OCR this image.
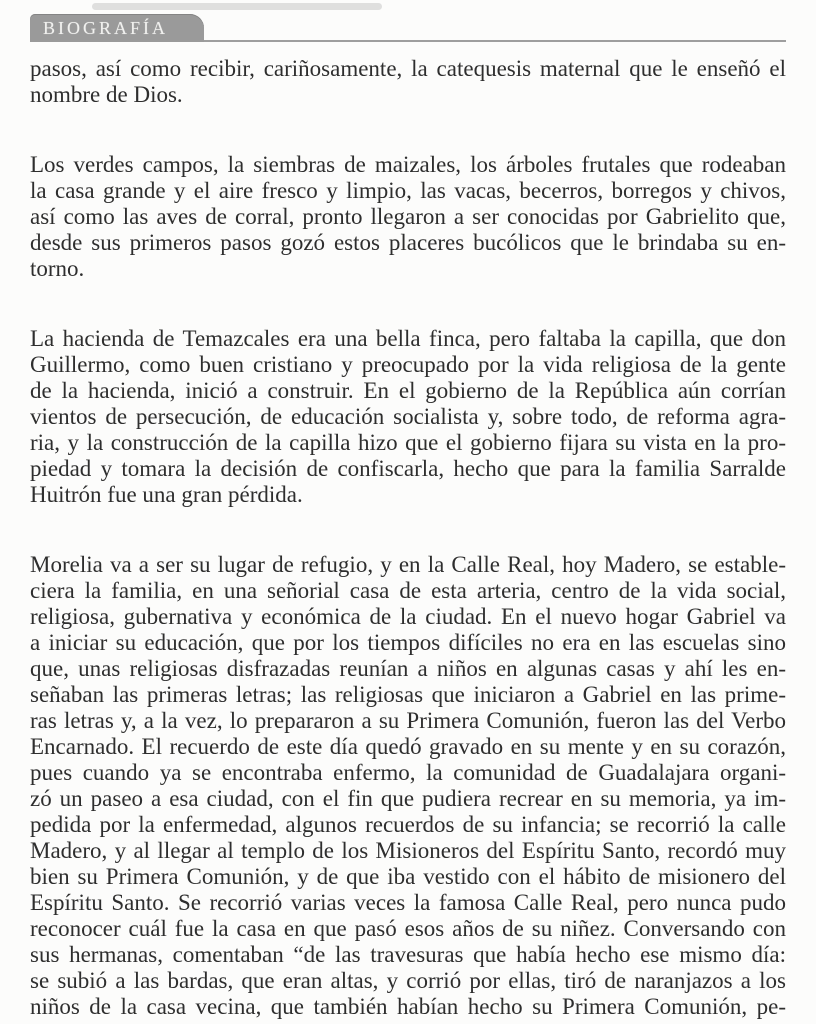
BIOGRAFÍA
pasos, así como recibir, cariñosamente, la catequesis maternal que le enseñó el
nombre de Dios.
Los verdes campos, la siembras de maizales, los árboles frutales que rodeaban
la casa grande y el aire fresco y limpio, las vacas, becerros, borregos y chivos,
así como las aves de corral, pronto llegaron a ser conocidas por Gabrielito que,
desde sus primeros pasos gozó estos placeres bucólicos que le brindaba su en-
torno.
La hacienda de Temazcales era una bella finca, pero faltaba la capilla, que don
Guillermo, como buen cristiano y preocupado por la vida religiosa de la gente
de la hacienda, inició a construir. En el gobierno de la República aún corrían
vientos de persecución, de educación socialista y, sobre todo, de reforma agra-
ria, y la construcción de la capilla hizo que el gobierno fijara su vista en la pro-
piedad y tomara la decisión de confiscarla, hecho que para la familia Sarralde
Huitrón fue una gran pérdida.
Morelia va a ser su lugar de refugio, y en la Calle Real, hoy Madero, se estable-
ciera la familia, en una señorial casa de esta arteria, centro de la vida social,
religiosa, gubernativa y económica de la ciudad. En el nuevo hogar Gabriel va
a iniciar su educación, que por los tiempos difíciles no era en las escuelas sino
que, unas religiosas disfrazadas reunían a niños en algunas casas y ahí les en-
señaban las primeras letras; las religiosas que iniciaron a Gabriel en las prime-
ras letras y, a la vez, lo prepararon a su Primera Comunión, fueron las del Verbo
Encarnado. El recuerdo de este día quedó gravado en su mente y en su corazón,
pues cuando ya se encontraba enfermo, la comunidad de Guadalajara organi-
zó un paseo a esa ciudad, con el fin que pudiera recrear en su memoria, ya im-
pedida por la enfermedad, algunos recuerdos de su infancia; se recorrió la calle
Madero, y al llegar al templo de los Misioneros del Espíritu Santo, recordó muy
bien su Primera Comunión, y de que iba vestido con el hábito de misionero del
Espíritu Santo. Se recorrió varias veces la famosa Calle Real, pero nunca pudo
reconocer cuál fue la casa en que pasó esos años de su niñez. Conversando con
sus hermanas, comentaban “de las travesuras que había hecho ese mismo día:
se subió a las bardas, que eran altas, y corrió por ellas, tiró de naranjazos a los
niños de la casa vecina, que también habían hecho su Primera Comunión, pe-
